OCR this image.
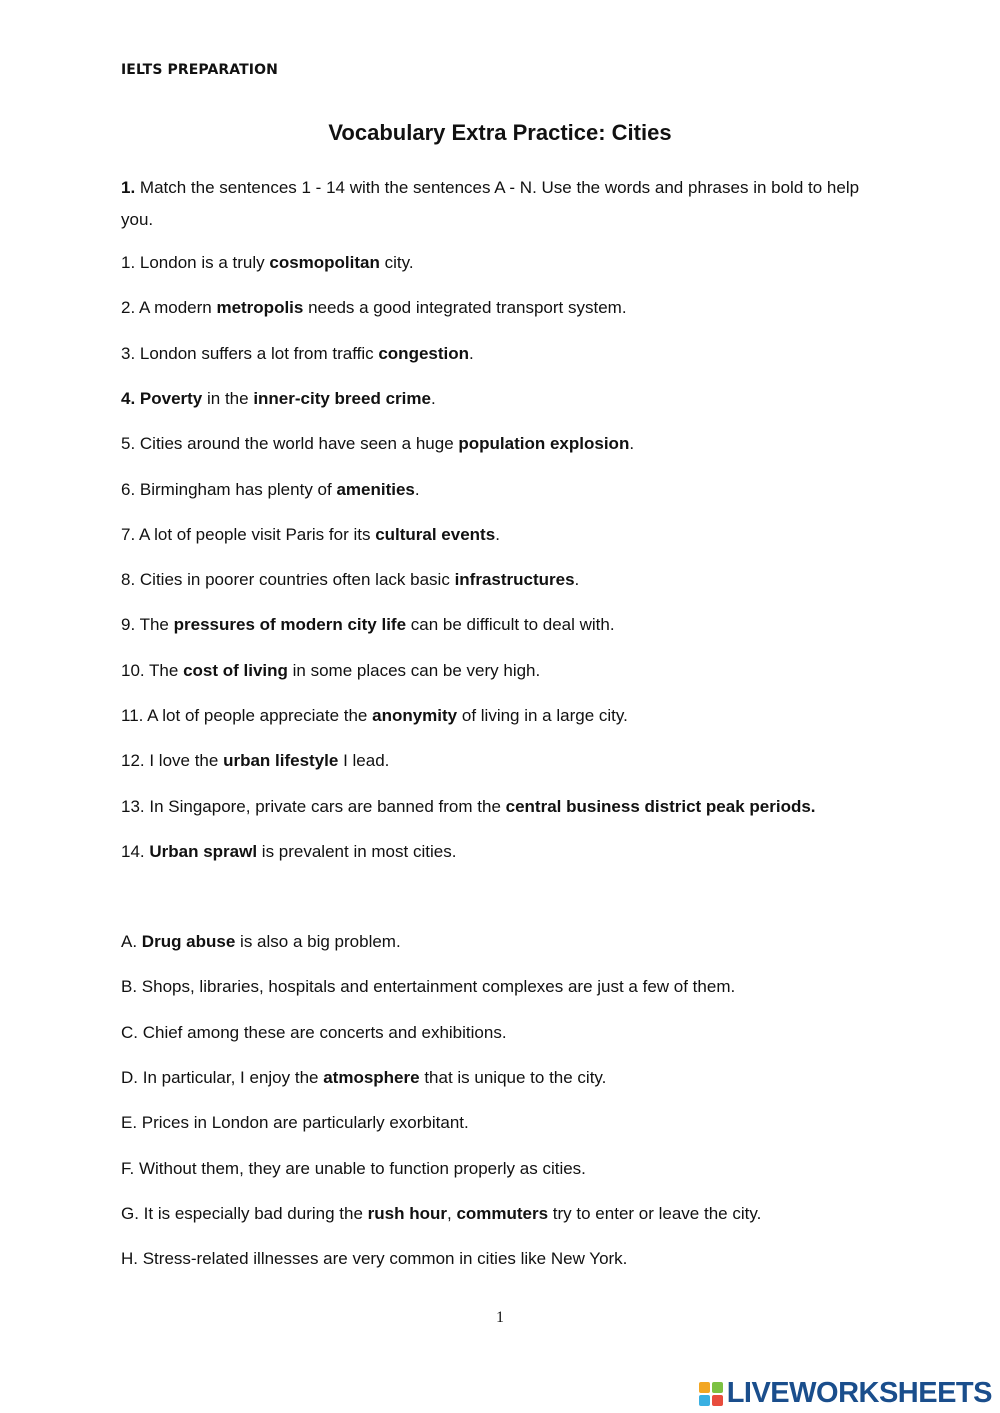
IELTS PREPARATION
Vocabulary Extra Practice: Cities
1. Match the sentences 1 - 14 with the sentences A - N. Use the words and phrases in bold to help you.
1. London is a truly cosmopolitan city.
2. A modern metropolis needs a good integrated transport system.
3. London suffers a lot from traffic congestion.
4. Poverty in the inner-city breed crime.
5. Cities around the world have seen a huge population explosion.
6. Birmingham has plenty of amenities.
7. A lot of people visit Paris for its cultural events.
8. Cities in poorer countries often lack basic infrastructures.
9. The pressures of modern city life can be difficult to deal with.
10. The cost of living in some places can be very high.
11. A lot of people appreciate the anonymity of living in a large city.
12. I love the urban lifestyle I lead.
13. In Singapore, private cars are banned from the central business district peak periods.
14. Urban sprawl is prevalent in most cities.
A. Drug abuse is also a big problem.
B. Shops, libraries, hospitals and entertainment complexes are just a few of them.
C. Chief among these are concerts and exhibitions.
D. In particular, I enjoy the atmosphere that is unique to the city.
E. Prices in London are particularly exorbitant.
F. Without them, they are unable to function properly as cities.
G. It is especially bad during the rush hour, commuters try to enter or leave the city.
H. Stress-related illnesses are very common in cities like New York.
1
LIVEWORKSHEETS
